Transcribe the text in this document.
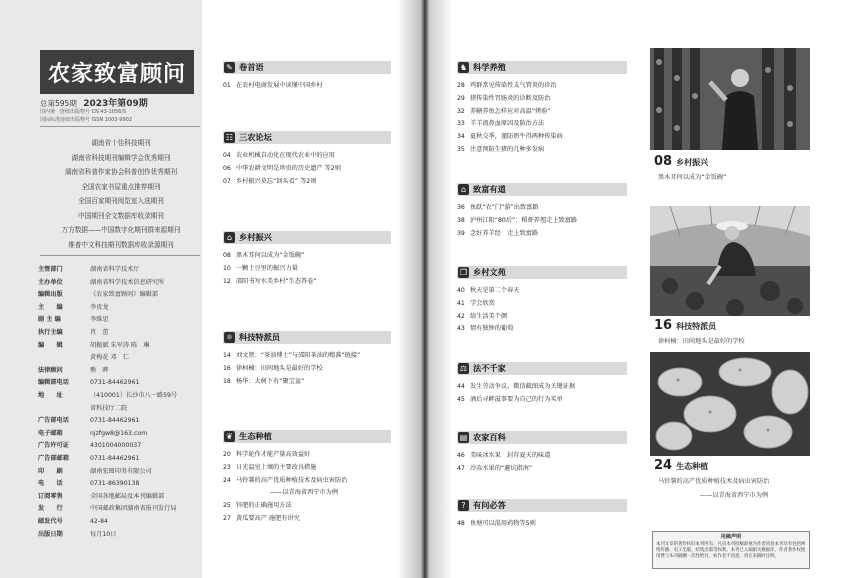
农家致富顾问
总第595期 2023年第09期
国内统一连续出版物号 CN 43-1056/S
国际标准连续出版物号 ISSN 1003-9902
湖南省十佳科技期刊
湖南省科技期刊编辑学会优秀期刊
湖南省科普作家协会科普创作优秀期刊
全国农家书屋重点推荐期刊
全国百家期刊阅览室入选期刊
中国期刊全文数据库收录期刊
万方数据——中国数字化期刊群来源期刊
维普中文科技期刊数据库收录源期刊
主管部门	湖南省科学技术厅
主办单位	湖南省科学技术信息研究所
编辑出版	《农家致富顾问》编辑部
主　　编	李贵龙
副 主 编	李维思
执行主编	肖　蕾
编　　辑	胡振斌 朱军涛 陈　琳
黄梅花 邓　仁
法律顾问	熊　晔
编辑部电话	0731-84462961
地　　址	（410001）长沙市八一路59号
省科技厅二院
广告部电话	0731-84462961
电子邮箱	njzfgw8@163.com
广告许可证	4301004000037
广告部邮箱	0731-84462961
印　　刷	湖南宏图印务有限公司
电　　话	0731-86390138
订阅零售	全国各地邮局及本刊编辑部
发　　行	中国邮政集团湖南省报刊发行局
邮发代号	42-84
出版日期	每月10日
✎ 卷首语
01 在农村电商发展中读懂中国乡村
☷ 三农论坛
04 农业机械自动化在现代农业中的应用
06 中华农耕文明是珍贵的历史遗产 等2则
07 乡村振兴莫忘“回头看” 等2则
⌂ 乡村振兴
08 黑木耳何以成为“金饭碗”
10 一颗土豆里的振兴力量
12 邵阳书写水美乡村“生态答卷”
⚛ 科技特派员
14 刘文贤：“茶油博士”与邵阳茶油的精准“链接”
16 徐柯楠：田间地头是最好的学校
18 杨华：大树下有“聚宝盆”
❦ 生态种植
20 科学轮作才能产量高效益好
23 日光温室土壤的主要改良措施
24 马铃薯的高产优质种植技术及病虫害防治
——以青海省西宁市为例
25 锌肥的正确施用方法
27 黄瓜要高产 施肥有讲究
♞ 科学养殖
28 鸡群常见传染性支气管炎的诊治
29 猪传染性胃肠炎的诊断及防治
32 养鳝养鱼怎样应对高温“烤验”
33 羊羊流鼻血原因及防治方法
34 夏秋交季，谨防奶牛得两种传染病
35 注意预防生猪的几种多发病
⌂ 致富有道
36 鱼跃“农”门“游”出致富路
38 泸州江阳“80后”：稻虾养殖走上致富路
39 念好养羊经　走上致富路
❐ 乡村文苑
40 秋天是第二个春天
41 学会欣赏
42 给生活美个颜
43 情有独钟的葡萄
⚖ 法不千家
44 发生劳动争议，微信截图成为关键证据
45 酒后寻衅滋事要为自己的行为买单
▤ 农家百科
46 美味冰水果　封存夏天的味道
47 冷冻水果的“避坑指南”
? 有问必答
48 鱼塘可以混用药物等5则
08 乡村振兴
黑木耳何以成为“金饭碗”
16 科技特派员
徐柯楠：田间地头是最好的学校
24 生态种植
马铃薯的高产优质种植技术及病虫害防治
——以青海省西宁市为例
用稿声明
本刊文章的著作权归本刊所有，凡向本刊投稿即视为作者同意本刊享有包括网络传播、电子出版、结集出版等权利。本刊已入编相关数据库，作者著作权使用费与本刊稿酬一次性给付。如作者不同意，请在来稿时注明。
